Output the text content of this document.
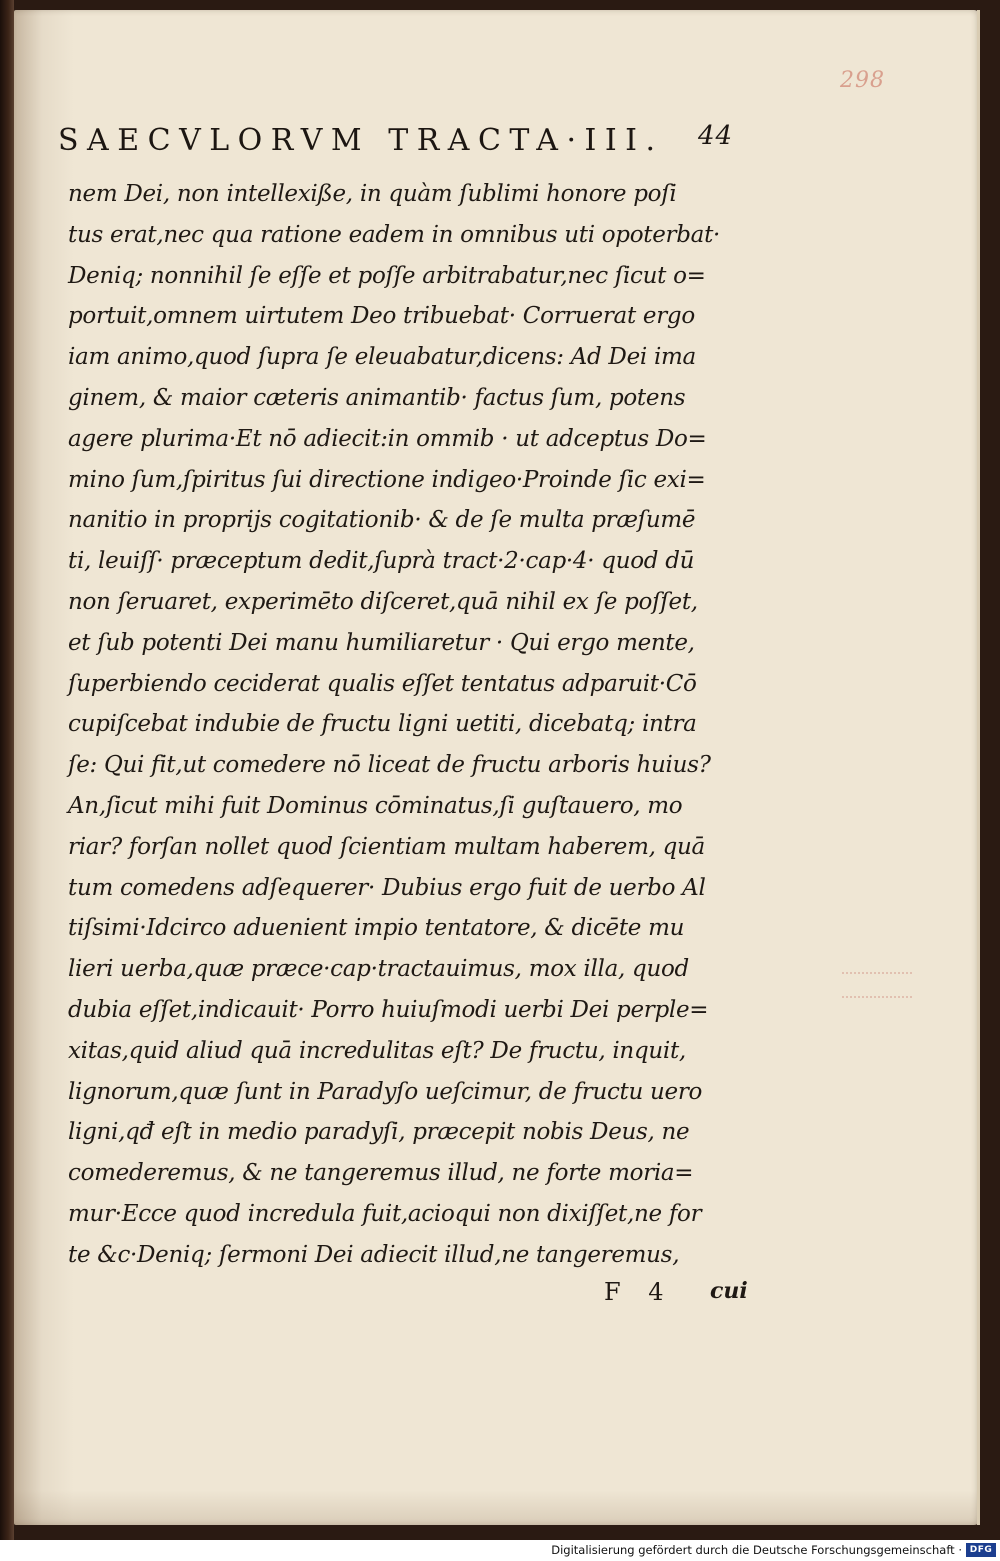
298
SAECVLORVM TRACTA·III. 44
nem Dei, non intellexiße, in quàm ſublimi honore poſi
tus erat,nec qua ratione eadem in omnibus uti opoterbat·
Deniq; nonnihil ſe eſſe et poſſe arbitrabatur,nec ſicut o=
portuit,omnem uirtutem Deo tribuebat· Corruerat ergo
iam animo,quod ſupra ſe eleuabatur,dicens: Ad Dei ima
ginem, & maior cæteris animantib· factus ſum, potens
agere plurima·Et nō adiecit:in ommib · ut adceptus Do=
mino ſum,ſpiritus ſui directione indigeo·Proinde ſic exi=
nanitio in proprijs cogitationib· & de ſe multa præſumē
ti, leuiſſ· præceptum dedit,ſuprà tract·2·cap·4· quod dū
non ſeruaret, experimēto diſceret,quā nihil ex ſe poſſet,
et ſub potenti Dei manu humiliaretur · Qui ergo mente,
ſuperbiendo ceciderat qualis eſſet tentatus adparuit·Cō
cupiſcebat indubie de fructu ligni uetiti, dicebatq; intra
ſe: Qui fit,ut comedere nō liceat de fructu arboris huius?
An,ſicut mihi fuit Dominus cōminatus,ſi guſtauero, mo
riar? forſan nollet quod ſcientiam multam haberem, quā
tum comedens adſequerer· Dubius ergo fuit de uerbo Al
tiſsimi·Idcirco aduenient impio tentatore, & dicēte mu
lieri uerba,quæ præce·cap·tractauimus, mox illa, quod
dubia eſſet,indicauit· Porro huiuſmodi uerbi Dei perple=
xitas,quid aliud quā incredulitas eſt? De fructu, inquit,
lignorum,quæ ſunt in Paradyſo ueſcimur, de fructu uero
ligni,qđ eſt in medio paradyſi, præcepit nobis Deus, ne
comederemus, & ne tangeremus illud, ne forte moria=
mur·Ecce quod incredula fuit,acioqui non dixiſſet,ne for
te &c·Deniq; ſermoni Dei adiecit illud,ne tangeremus,
F 4 cui
Digitalisierung gefördert durch die Deutsche Forschungsgemeinschaft · DFG
